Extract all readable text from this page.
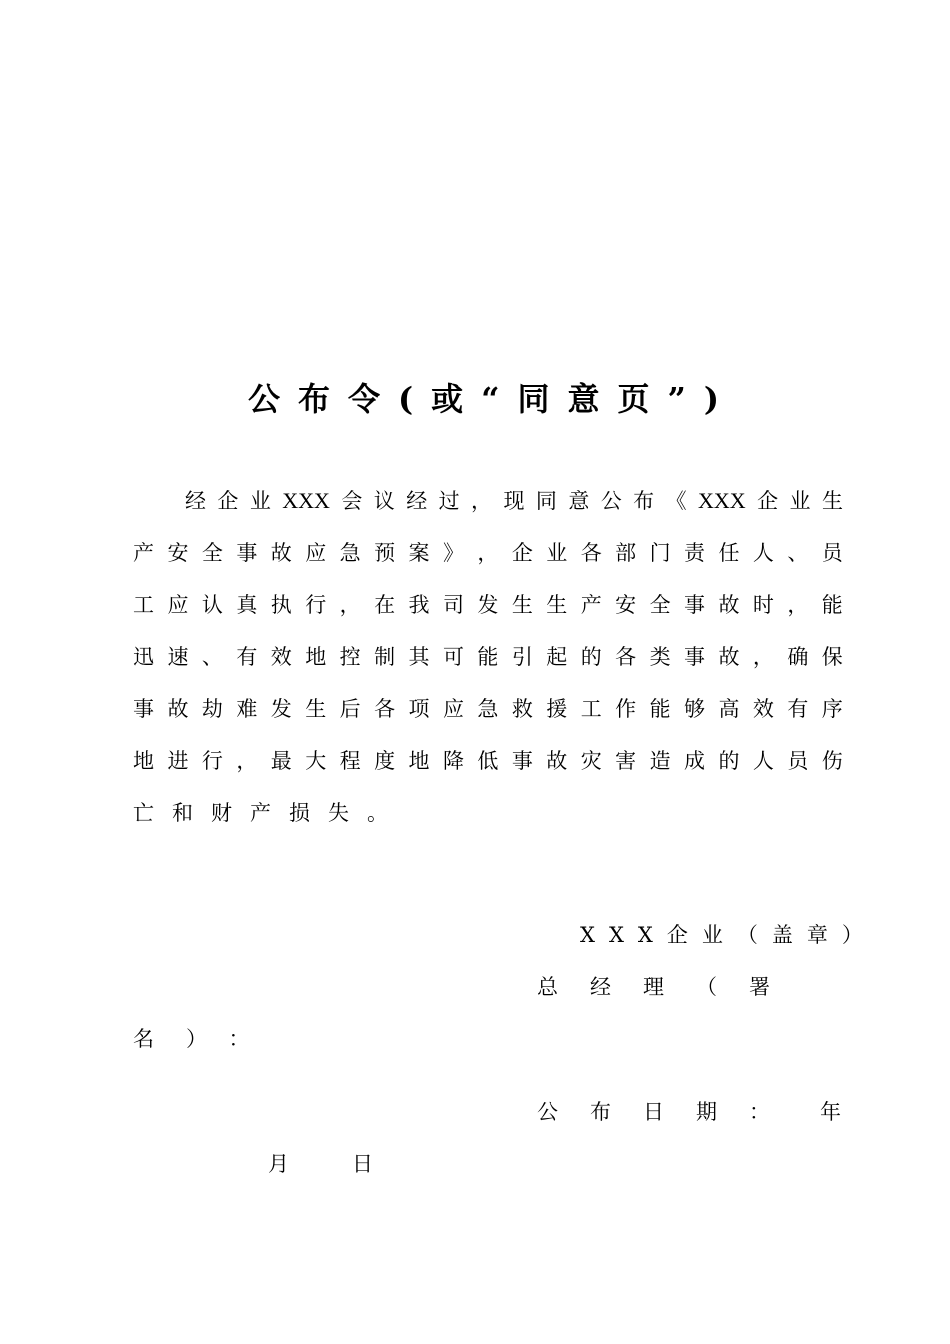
公布令(或“同意页”)
经 企 业 XXX 会 议 经 过 ， 现 同 意 公 布 《 XXX 企 业 生
产 安 全 事 故 应 急 预 案 》 ， 企 业 各 部 门 责 任 人 、 员
工 应 认 真 执 行 ， 在 我 司 发 生 生 产 安 全 事 故 时 ， 能
迅 速 、 有 效 地 控 制 其 可 能 引 起 的 各 类 事 故 ， 确 保
事 故 劫 难 发 生 后 各 项 应 急 救 援 工 作 能 够 高 效 有 序
地 进 行 ， 最 大 程 度 地 降 低 事 故 灾 害 造 成 的 人 员 伤
亡 和 财 产 损 失 。
XXX企业（盖章）
总经理（署
名）：
公布日期： 年
月	日
